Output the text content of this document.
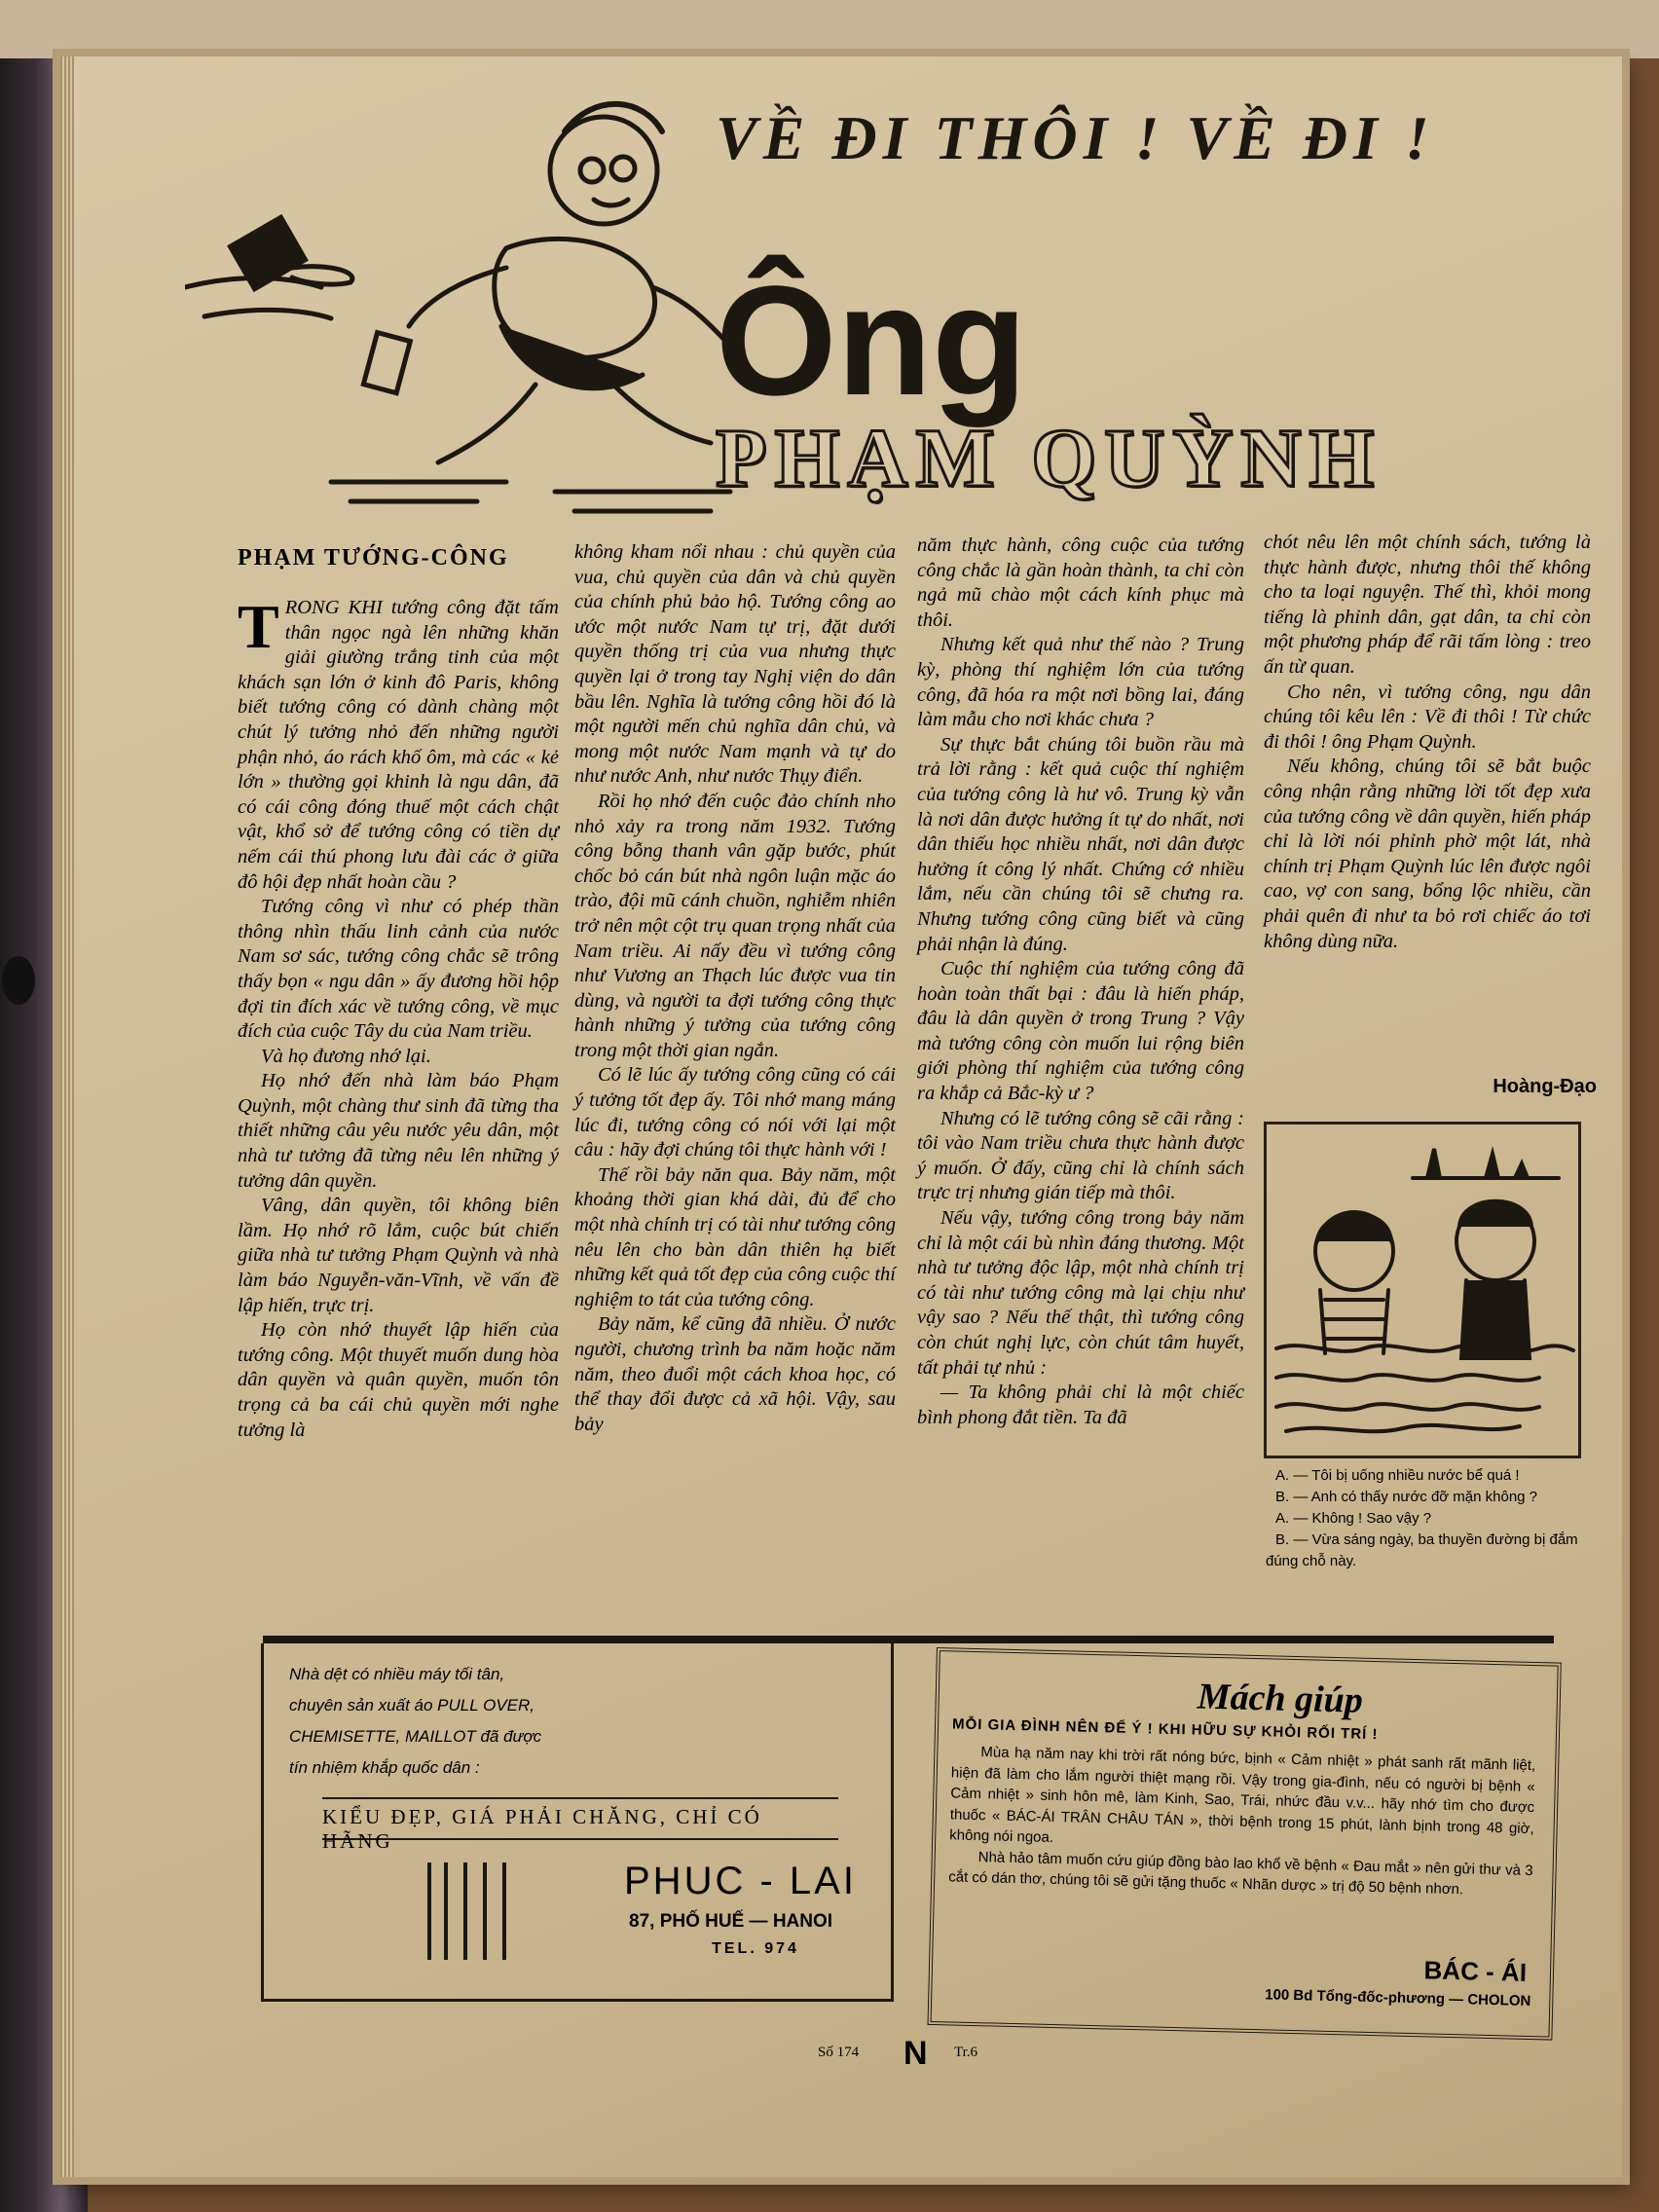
VỀ ĐI THÔI ! VỀ ĐI !
Ông
PHẠM QUỲNH
PHẠM TƯỚNG-CÔNG

TRONG KHI tướng công đặt tấm thân ngọc ngà lên những khăn giải giường trắng tinh của một khách sạn lớn ở kinh đô Paris, không biết tướng công có dành chàng một chút lý tưởng nhỏ đến những người phận nhỏ, áo rách khố ôm, mà các « kẻ lớn » thường gọi khinh là ngu dân, đã có cái công đóng thuế một cách chật vật, khổ sở để tướng công có tiền dự nếm cái thú phong lưu đài các ở giữa đô hội đẹp nhất hoàn cầu ?

Tướng công vì như có phép thần thông nhìn thấu linh cảnh của nước Nam sơ sác, tướng công chắc sẽ trông thấy bọn « ngu dân » ấy đương hồi hộp đợi tin đích xác về tướng công, về mục đích của cuộc Tây du của Nam triều.

Và họ đương nhớ lại.

Họ nhớ đến nhà làm báo Phạm Quỳnh, một chàng thư sinh đã từng tha thiết những câu yêu nước yêu dân, một nhà tư tưởng đã từng nêu lên những ý tưởng dân quyền.

Vâng, dân quyền, tôi không biên lầm. Họ nhớ rõ lắm, cuộc bút chiến giữa nhà tư tưởng Phạm Quỳnh và nhà làm báo Nguyễn-văn-Vĩnh, về vấn đề lập hiến, trực trị.

Họ còn nhớ thuyết lập hiến của tướng công. Một thuyết muốn dung hòa dân quyền và quân quyền, muốn tôn trọng cả ba cái chủ quyền mới nghe tưởng là

không kham nổi nhau : chủ quyền của vua, chủ quyền của dân và chủ quyền của chính phủ bảo hộ. Tướng công ao ước một nước Nam tự trị, đặt dưới quyền thống trị của vua nhưng thực quyền lại ở trong tay Nghị viện do dân bầu lên. Nghĩa là tướng công hồi đó là một người mến chủ nghĩa dân chủ, và mong một nước Nam mạnh và tự do như nước Anh, như nước Thụy điển.

Rồi họ nhớ đến cuộc đảo chính nho nhỏ xảy ra trong năm 1932. Tướng công bỗng thanh vân gặp bước, phút chốc bỏ cán bút nhà ngôn luận mặc áo trào, đội mũ cánh chuồn, nghiễm nhiên trở nên một cột trụ quan trọng nhất của Nam triều. Ai nấy đều vì tướng công như Vương an Thạch lúc được vua tin dùng, và người ta đợi tướng công thực hành những ý tưởng của tướng công trong một thời gian ngắn.

Có lẽ lúc ấy tướng công cũng có cái ý tưởng tốt đẹp ấy. Tôi nhớ mang máng lúc đi, tướng công có nói với lại một câu : hãy đợi chúng tôi thực hành với !

Thế rồi bảy năn qua. Bảy năm, một khoảng thời gian khá dài, đủ để cho một nhà chính trị có tài như tướng công nêu lên cho bàn dân thiên hạ biết những kết quả tốt đẹp của công cuộc thí nghiệm to tát của tướng công.

Bảy năm, kể cũng đã nhiều. Ở nước người, chương trình ba năm hoặc năm năm, theo đuổi một cách khoa học, có thể thay đổi được cả xã hội. Vậy, sau bảy

năm thực hành, công cuộc của tướng công chắc là gần hoàn thành, ta chỉ còn ngả mũ chào một cách kính phục mà thôi.

Nhưng kết quả như thế nào ? Trung kỳ, phòng thí nghiệm lớn của tướng công, đã hóa ra một nơi bồng lai, đáng làm mẫu cho nơi khác chưa ?

Sự thực bắt chúng tôi buồn rầu mà trả lời rằng : kết quả cuộc thí nghiệm của tướng công là hư vô. Trung kỳ vẫn là nơi dân được hưởng ít tự do nhất, nơi dân thiếu học nhiều nhất, nơi dân được hưởng ít công lý nhất. Chứng cớ nhiều lắm, nếu cần chúng tôi sẽ chưng ra. Nhưng tướng công cũng biết và cũng phải nhận là đúng.

Cuộc thí nghiệm của tướng công đã hoàn toàn thất bại : đâu là hiến pháp, đâu là dân quyền ở trong Trung ? Vậy mà tướng công còn muốn lui rộng biên giới phòng thí nghiệm của tướng công ra khắp cả Bắc-kỳ ư ?

Nhưng có lẽ tướng công sẽ cãi rằng : tôi vào Nam triều chưa thực hành được ý muốn. Ở đấy, cũng chỉ là chính sách trực trị nhưng gián tiếp mà thôi.

Nếu vậy, tướng công trong bảy năm chỉ là một cái bù nhìn đáng thương. Một nhà tư tưởng độc lập, một nhà chính trị có tài như tướng công mà lại chịu như vậy sao ? Nếu thế thật, thì tướng công còn chút nghị lực, còn chút tâm huyết, tất phải tự nhủ :

— Ta không phải chỉ là một chiếc bình phong đắt tiền. Ta đã

chót nêu lên một chính sách, tướng là thực hành được, nhưng thôi thế không cho ta loại nguyện. Thế thì, khỏi mong tiếng là phỉnh dân, gạt dân, ta chỉ còn một phương pháp để rãi tấm lòng : treo ấn từ quan.

Cho nên, vì tướng công, ngu dân chúng tôi kêu lên : Về đi thôi ! Từ chức đi thôi ! ông Phạm Quỳnh.

Nếu không, chúng tôi sẽ bắt buộc công nhận rằng những lời tốt đẹp xưa của tướng công về dân quyền, hiến pháp chỉ là lời nói phỉnh phờ một lát, nhà chính trị Phạm Quỳnh lúc lên được ngôi cao, vợ con sang, bổng lộc nhiều, cần phải quên đi như ta bỏ rơi chiếc áo tơi không dùng nữa.

Hoàng-Đạo
A. — Tôi bị uống nhiều nước bể quá !
B. — Anh có thấy nước đỡ mặn không ?
A. — Không ! Sao vậy ?
B. — Vừa sáng ngày, ba thuyền đường bị đắm đúng chỗ này.
Nhà dệt có nhiều máy tối tân,
chuyên sản xuất áo PULL OVER,
CHEMISETTE, MAILLOT đã được
tín nhiệm khắp quốc dân :
KIỂU ĐẸP, GIÁ PHẢI CHĂNG, CHỈ CÓ HÃNG
PHUC - LAI
87, PHỐ HUẾ — HANOI
TEL. 974
Mách giúp
MỖI GIA ĐÌNH NÊN ĐỂ Ý ! KHI HỮU SỰ KHỎI RỐI TRÍ !

Mùa hạ năm nay khi trời rất nóng bức, bịnh « Cảm nhiệt » phát sanh rất mãnh liệt, hiện đã làm cho lắm người thiệt mạng rồi. Vậy trong gia-đình, nếu có người bị bệnh « Cảm nhiệt » sinh hôn mê, làm Kinh, Sao, Trái, nhức đầu v.v... hãy nhớ tìm cho được thuốc « BÁC-ÁI TRÂN CHÂU TÁN », thời bệnh trong 15 phút, lành bịnh trong 48 giờ, không nói ngoa.

Nhà hảo tâm muốn cứu giúp đồng bào lao khổ về bệnh « Đau mắt » nên gửi thư và 3 cắt có dán thơ, chúng tôi sẽ gửi tặng thuốc « Nhãn dược » trị độ 50 bệnh nhơn.

BÁC - ÁI
100 Bd Tổng-đốc-phương — CHOLON
Số 174	N	Tr.6
